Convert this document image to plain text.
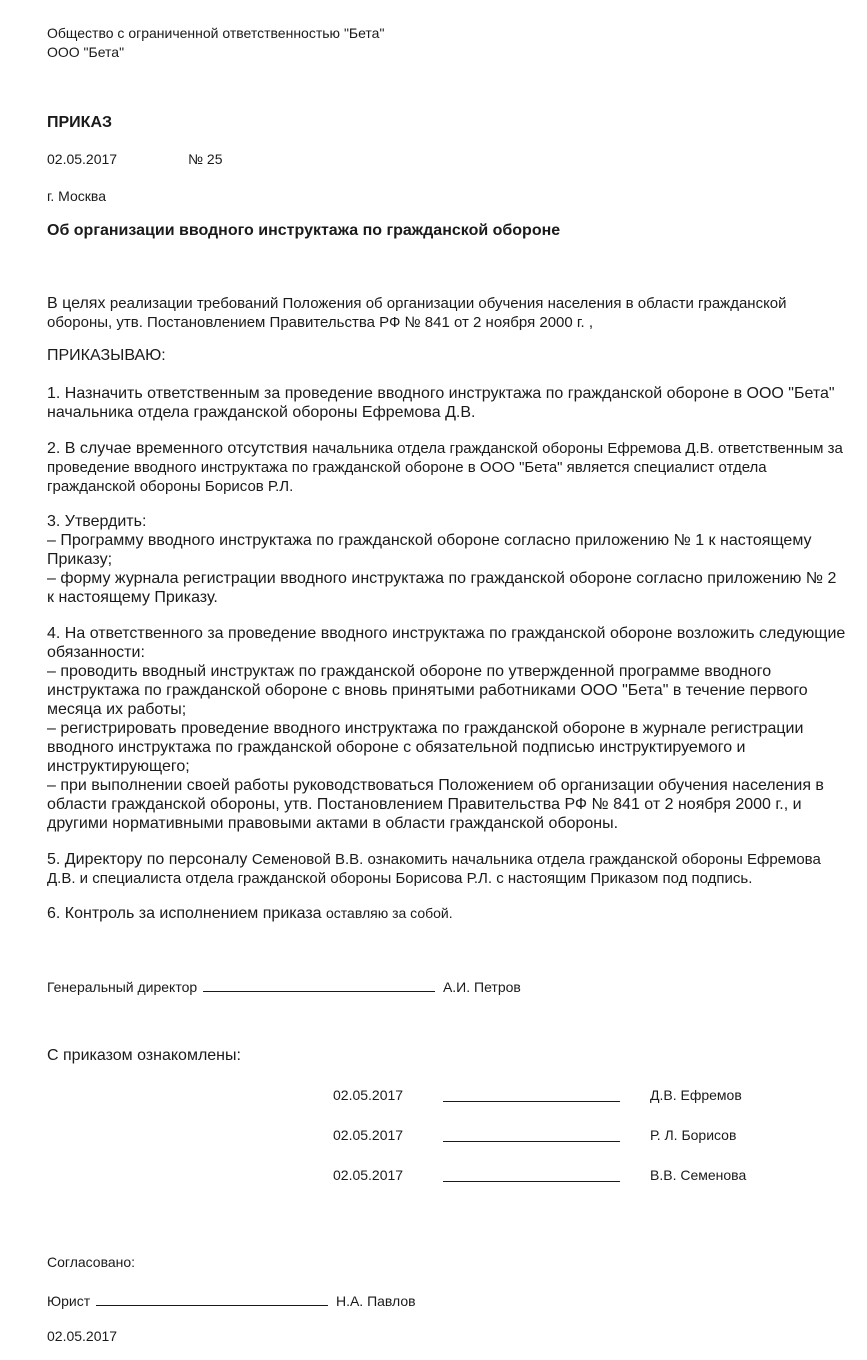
Общество с ограниченной ответственностью "Бета"
ООО "Бета"
ПРИКАЗ
02.05.2017	№ 25
г. Москва
Об организации вводного инструктажа по гражданской обороне

В целях реализации требований Положения об организации обучения населения в области гражданской обороны, утв. Постановлением Правительства РФ № 841 от 2 ноября 2000 г. ,

ПРИКАЗЫВАЮ:

1. Назначить ответственным за проведение вводного инструктажа по гражданской обороне в ООО "Бета" начальника отдела гражданской обороны Ефремова Д.В.

2. В случае временного отсутствия начальника отдела гражданской обороны Ефремова Д.В. ответственным за проведение вводного инструктажа по гражданской обороне в ООО "Бета" является специалист отдела гражданской обороны Борисов Р.Л.

3. Утвердить:

– Программу вводного инструктажа по гражданской обороне согласно приложению № 1 к настоящему Приказу;

– форму журнала регистрации вводного инструктажа по гражданской обороне согласно приложению № 2 к настоящему Приказу.

4. На ответственного за проведение вводного инструктажа по гражданской обороне возложить следующие обязанности:

– проводить вводный инструктаж по гражданской обороне по утвержденной программе вводного инструктажа по гражданской обороне с вновь принятыми работниками ООО "Бета" в течение первого месяца их работы;

– регистрировать проведение вводного инструктажа по гражданской обороне в журнале регистрации вводного инструктажа по гражданской обороне с обязательной подписью инструктируемого и инструктирующего;

– при выполнении своей работы руководствоваться Положением об организации обучения населения в области гражданской обороны, утв. Постановлением Правительства РФ № 841 от 2 ноября 2000 г., и другими нормативными правовыми актами в области гражданской обороны.

5. Директору по персоналу Семеновой В.В. ознакомить начальника отдела гражданской обороны Ефремова Д.В. и специалиста отдела гражданской обороны Борисова Р.Л. с настоящим Приказом под подпись.

6. Контроль за исполнением приказа оставляю за собой.

Генеральный директор	А.И. Петров
С приказом ознакомлены:
02.05.2017	Д.В. Ефремов
02.05.2017	Р. Л. Борисов
02.05.2017	В.В. Семенова
Согласовано:
Юрист	Н.А. Павлов
02.05.2017
